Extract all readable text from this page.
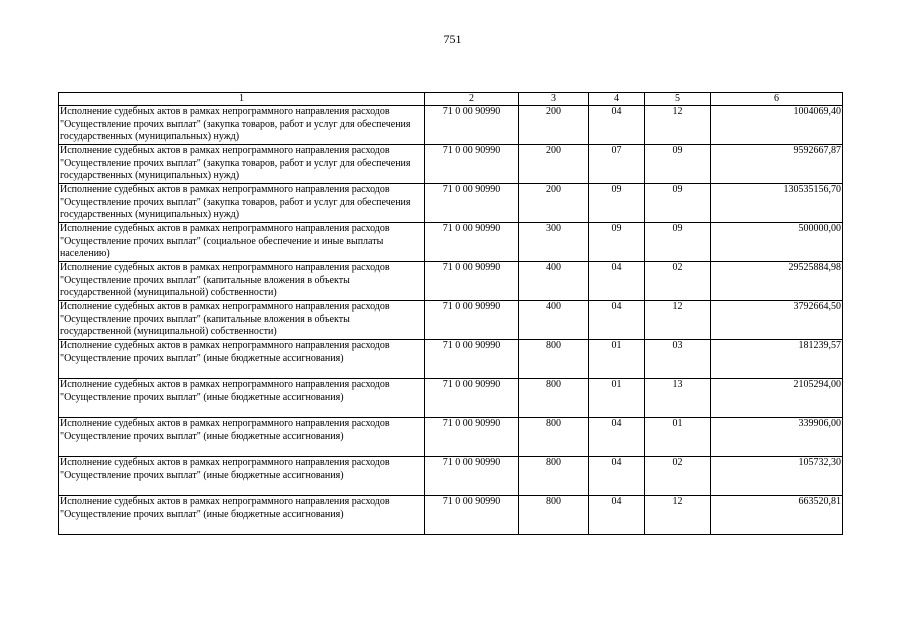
751
1	2	3	4	5	6
Исполнение судебных актов в рамках непрограммного направления расходов "Осуществление прочих выплат" (закупка товаров, работ и услуг для обеспечения государственных (муниципальных) нужд)	71 0 00 90990	200	04	12	1004069,40
Исполнение судебных актов в рамках непрограммного направления расходов "Осуществление прочих выплат" (закупка товаров, работ и услуг для обеспечения государственных (муниципальных) нужд)	71 0 00 90990	200	07	09	9592667,87
Исполнение судебных актов в рамках непрограммного направления расходов "Осуществление прочих выплат" (закупка товаров, работ и услуг для обеспечения государственных (муниципальных) нужд)	71 0 00 90990	200	09	09	130535156,70
Исполнение судебных актов в рамках непрограммного направления расходов "Осуществление прочих выплат" (социальное обеспечение и иные выплаты населению)	71 0 00 90990	300	09	09	500000,00
Исполнение судебных актов в рамках непрограммного направления расходов "Осуществление прочих выплат" (капитальные вложения в объекты государственной (муниципальной) собственности)	71 0 00 90990	400	04	02	29525884,98
Исполнение судебных актов в рамках непрограммного направления расходов "Осуществление прочих выплат" (капитальные вложения в объекты государственной (муниципальной) собственности)	71 0 00 90990	400	04	12	3792664,50
Исполнение судебных актов в рамках непрограммного направления расходов "Осуществление прочих выплат" (иные бюджетные ассигнования)	71 0 00 90990	800	01	03	181239,57
Исполнение судебных актов в рамках непрограммного направления расходов "Осуществление прочих выплат" (иные бюджетные ассигнования)	71 0 00 90990	800	01	13	2105294,00
Исполнение судебных актов в рамках непрограммного направления расходов "Осуществление прочих выплат" (иные бюджетные ассигнования)	71 0 00 90990	800	04	01	339906,00
Исполнение судебных актов в рамках непрограммного направления расходов "Осуществление прочих выплат" (иные бюджетные ассигнования)	71 0 00 90990	800	04	02	105732,30
Исполнение судебных актов в рамках непрограммного направления расходов "Осуществление прочих выплат" (иные бюджетные ассигнования)	71 0 00 90990	800	04	12	663520,81
